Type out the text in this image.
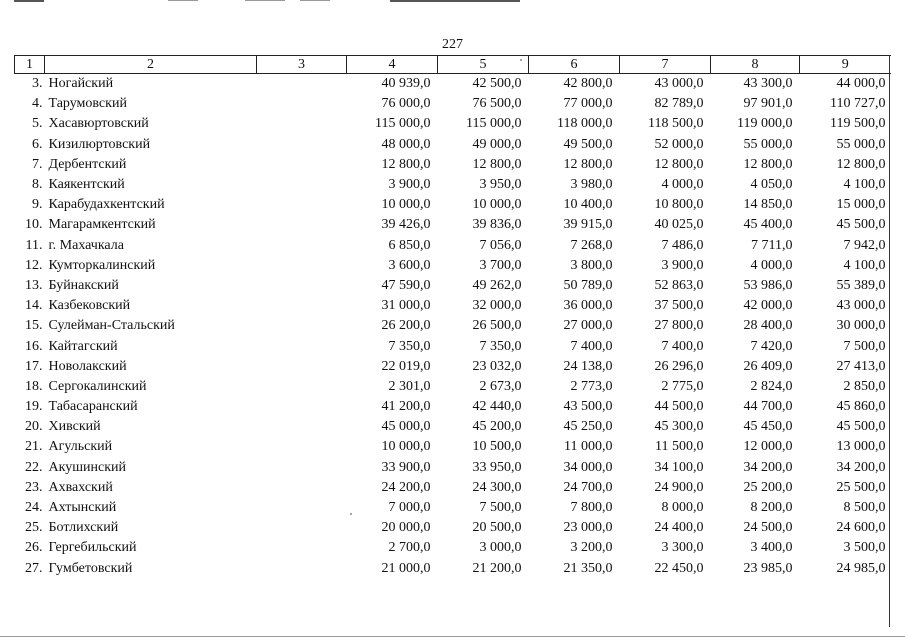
227
1	2	3	4	5	6	7	8	9
3.	Ногайский		40 939,0	42 500,0	42 800,0	43 000,0	43 300,0	44 000,0
4.	Тарумовский		76 000,0	76 500,0	77 000,0	82 789,0	97 901,0	110 727,0
5.	Хасавюртовский		115 000,0	115 000,0	118 000,0	118 500,0	119 000,0	119 500,0
6.	Кизилюртовский		48 000,0	49 000,0	49 500,0	52 000,0	55 000,0	55 000,0
7.	Дербентский		12 800,0	12 800,0	12 800,0	12 800,0	12 800,0	12 800,0
8.	Каякентский		3 900,0	3 950,0	3 980,0	4 000,0	4 050,0	4 100,0
9.	Карабудахкентский		10 000,0	10 000,0	10 400,0	10 800,0	14 850,0	15 000,0
10.	Магарамкентский		39 426,0	39 836,0	39 915,0	40 025,0	45 400,0	45 500,0
11.	г. Махачкала		6 850,0	7 056,0	7 268,0	7 486,0	7 711,0	7 942,0
12.	Кумторкалинский		3 600,0	3 700,0	3 800,0	3 900,0	4 000,0	4 100,0
13.	Буйнакский		47 590,0	49 262,0	50 789,0	52 863,0	53 986,0	55 389,0
14.	Казбековский		31 000,0	32 000,0	36 000,0	37 500,0	42 000,0	43 000,0
15.	Сулейман-Стальский		26 200,0	26 500,0	27 000,0	27 800,0	28 400,0	30 000,0
16.	Кайтагский		7 350,0	7 350,0	7 400,0	7 400,0	7 420,0	7 500,0
17.	Новолакский		22 019,0	23 032,0	24 138,0	26 296,0	26 409,0	27 413,0
18.	Сергокалинский		2 301,0	2 673,0	2 773,0	2 775,0	2 824,0	2 850,0
19.	Табасаранский		41 200,0	42 440,0	43 500,0	44 500,0	44 700,0	45 860,0
20.	Хивский		45 000,0	45 200,0	45 250,0	45 300,0	45 450,0	45 500,0
21.	Агульский		10 000,0	10 500,0	11 000,0	11 500,0	12 000,0	13 000,0
22.	Акушинский		33 900,0	33 950,0	34 000,0	34 100,0	34 200,0	34 200,0
23.	Ахвахский		24 200,0	24 300,0	24 700,0	24 900,0	25 200,0	25 500,0
24.	Ахтынский		7 000,0	7 500,0	7 800,0	8 000,0	8 200,0	8 500,0
25.	Ботлихский		20 000,0	20 500,0	23 000,0	24 400,0	24 500,0	24 600,0
26.	Гергебильский		2 700,0	3 000,0	3 200,0	3 300,0	3 400,0	3 500,0
27.	Гумбетовский		21 000,0	21 200,0	21 350,0	22 450,0	23 985,0	24 985,0
